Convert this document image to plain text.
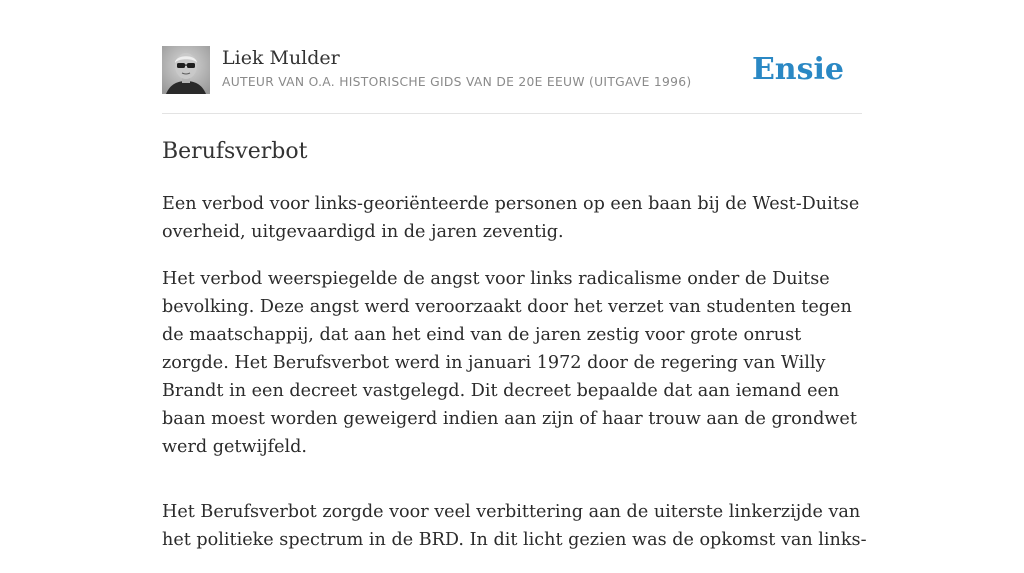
Liek Mulder
AUTEUR VAN O.A. HISTORISCHE GIDS VAN DE 20E EEUW (UITGAVE 1996) Ensie
Berufsverbot

Een verbod voor links-georiënteerde personen op een baan bij de West-Duitse overheid, uitgevaardigd in de jaren zeventig.

Het verbod weerspiegelde de angst voor links radicalisme onder de Duitse bevolking. Deze angst werd veroorzaakt door het verzet van studenten tegen de maatschappij, dat aan het eind van de jaren zestig voor grote onrust zorgde. Het Berufsverbot werd in januari 1972 door de regering van Willy Brandt in een decreet vastgelegd. Dit decreet bepaalde dat aan iemand een baan moest worden geweigerd indien aan zijn of haar trouw aan de grondwet werd getwijfeld.

Het Berufsverbot zorgde voor veel verbittering aan de uiterste linkerzijde van het politieke spectrum in de BRD. In dit licht gezien was de opkomst van links-
